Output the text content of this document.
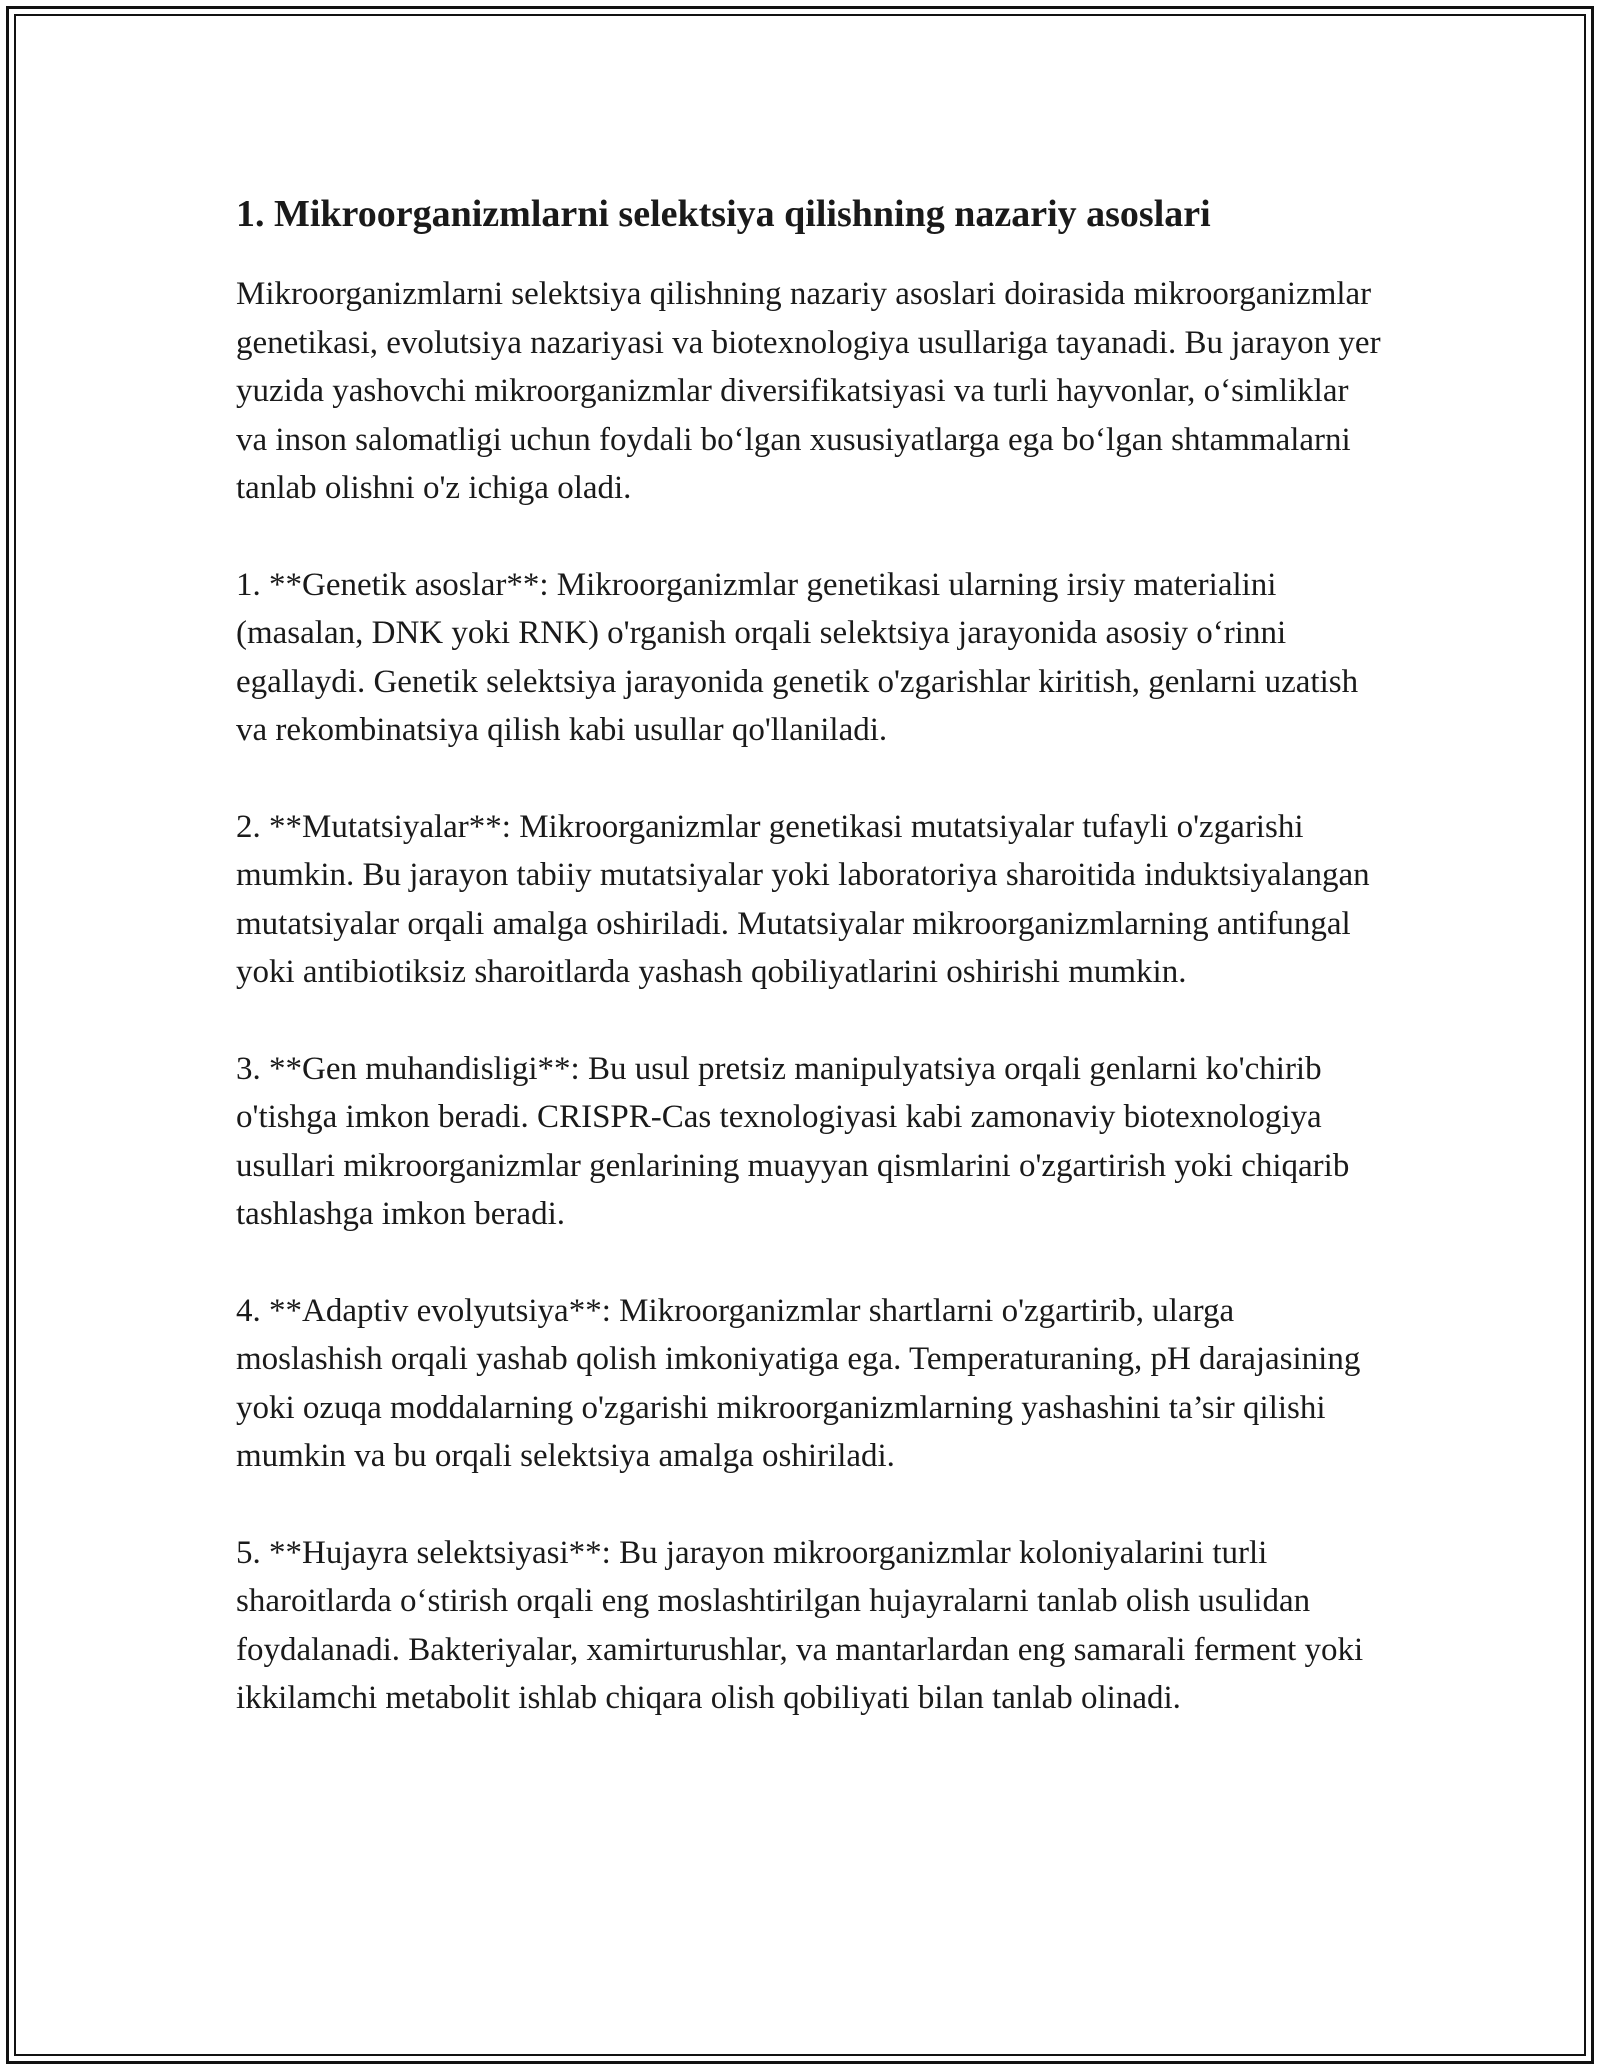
1. Mikroorganizmlarni selektsiya qilishning nazariy asoslari

Mikroorganizmlarni selektsiya qilishning nazariy asoslari doirasida mikroorganizmlar genetikasi, evolutsiya nazariyasi va biotexnologiya usullariga tayanadi. Bu jarayon yer yuzida yashovchi mikroorganizmlar diversifikatsiyasi va turli hayvonlar, o‘simliklar va inson salomatligi uchun foydali bo‘lgan xususiyatlarga ega bo‘lgan shtammalarni tanlab olishni o'z ichiga oladi.

1. **Genetik asoslar**: Mikroorganizmlar genetikasi ularning irsiy materialini (masalan, DNK yoki RNK) o'rganish orqali selektsiya jarayonida asosiy o‘rinni egallaydi. Genetik selektsiya jarayonida genetik o'zgarishlar kiritish, genlarni uzatish va rekombinatsiya qilish kabi usullar qo'llaniladi.

2. **Mutatsiyalar**: Mikroorganizmlar genetikasi mutatsiyalar tufayli o'zgarishi mumkin. Bu jarayon tabiiy mutatsiyalar yoki laboratoriya sharoitida induktsiyalangan mutatsiyalar orqali amalga oshiriladi. Mutatsiyalar mikroorganizmlarning antifungal yoki antibiotiksiz sharoitlarda yashash qobiliyatlarini oshirishi mumkin.

3. **Gen muhandisligi**: Bu usul pretsiz manipulyatsiya orqali genlarni ko'chirib o'tishga imkon beradi. CRISPR-Cas texnologiyasi kabi zamonaviy biotexnologiya usullari mikroorganizmlar genlarining muayyan qismlarini o'zgartirish yoki chiqarib tashlashga imkon beradi.

4. **Adaptiv evolyutsiya**: Mikroorganizmlar shartlarni o'zgartirib, ularga moslashish orqali yashab qolish imkoniyatiga ega. Temperaturaning, pH darajasining yoki ozuqa moddalarning o'zgarishi mikroorganizmlarning yashashini ta’sir qilishi mumkin va bu orqali selektsiya amalga oshiriladi.

5. **Hujayra selektsiyasi**: Bu jarayon mikroorganizmlar koloniyalarini turli sharoitlarda o‘stirish orqali eng moslashtirilgan hujayralarni tanlab olish usulidan foydalanadi. Bakteriyalar, xamirturushlar, va mantarlardan eng samarali ferment yoki ikkilamchi metabolit ishlab chiqara olish qobiliyati bilan tanlab olinadi.
